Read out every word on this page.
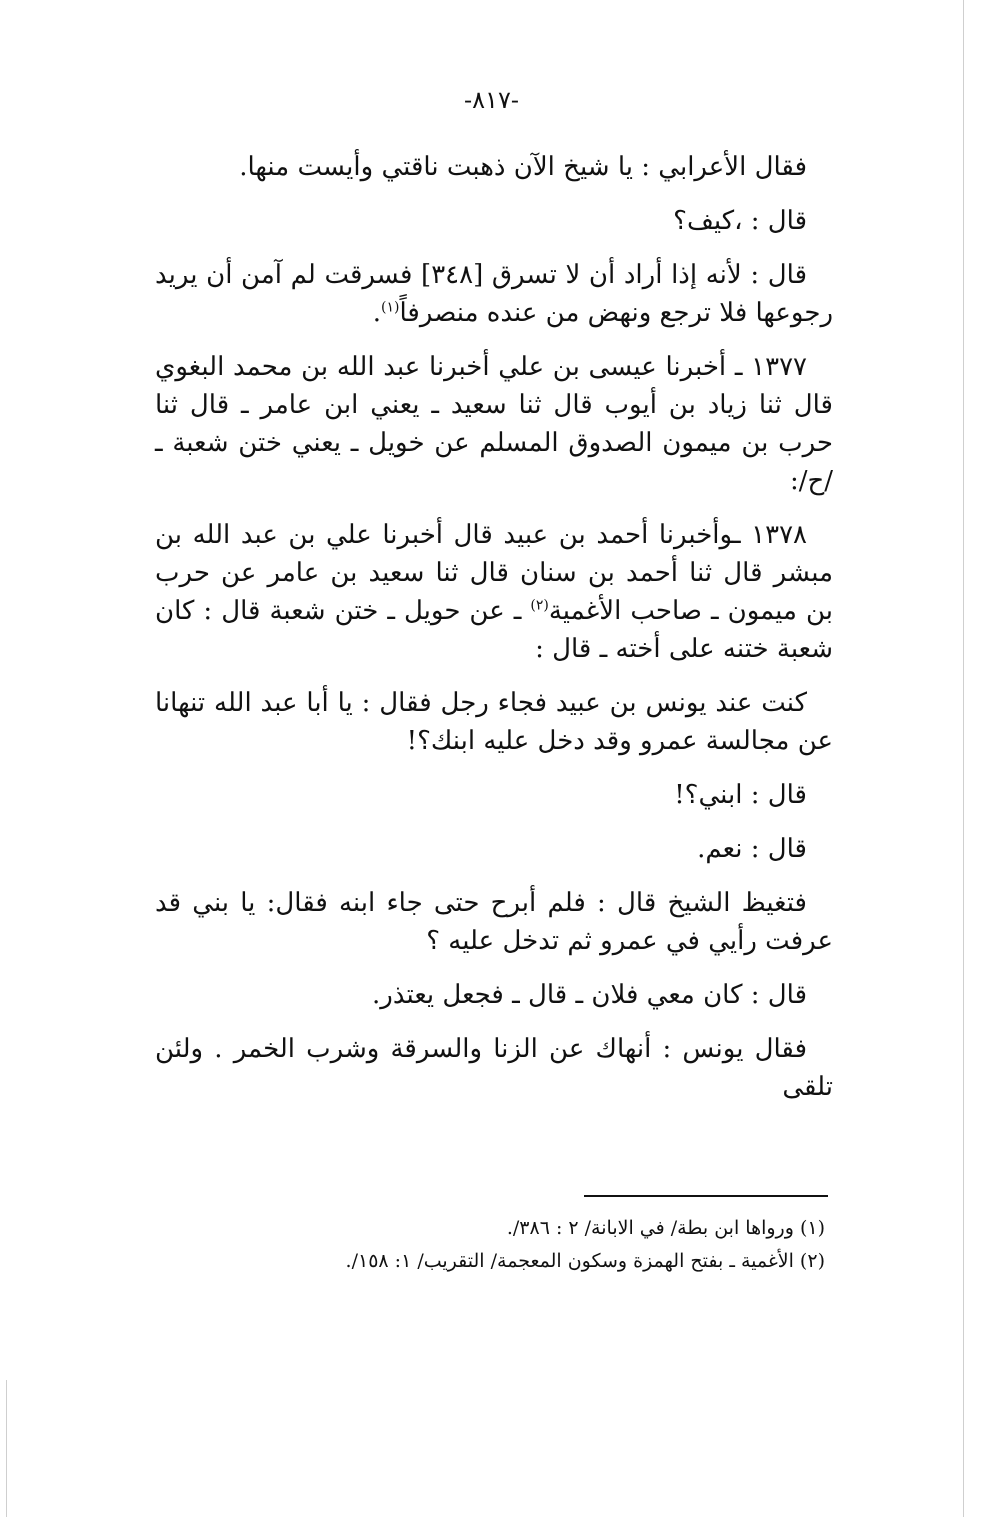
-٨١٧-

فقال الأعرابي : يا شيخ الآن ذهبت ناقتي وأيست منها.

قال : ،كيف؟

قال : لأنه إذا أراد أن لا تسرق [٣٤٨] فسرقت لم آمن أن يريد رجوعها فلا ترجع ونهض من عنده منصرفاً$^{(١)}$.

١٣٧٧ ـ أخبرنا عيسى بن علي أخبرنا عبد الله بن محمد البغوي قال ثنا زياد بن أيوب قال ثنا سعيد ـ يعني ابن عامر ـ قال ثنا حرب بن ميمون الصدوق المسلم عن خويل ـ يعني ختن شعبة ـ /ح/:

١٣٧٨ ـوأخبرنا أحمد بن عبيد قال أخبرنا علي بن عبد الله بن مبشر قال ثنا أحمد بن سنان قال ثنا سعيد بن عامر عن حرب بن ميمون ـ صاحب الأغمية$^{(٢)}$ ـ عن حويل ـ ختن شعبة قال : كان شعبة ختنه على أخته ـ قال :

كنت عند يونس بن عبيد فجاء رجل فقال : يا أبا عبد الله تنهانا عن مجالسة عمرو وقد دخل عليه ابنك؟!

قال : ابني؟!

قال : نعم.

فتغيظ الشيخ قال : فلم أبرح حتى جاء ابنه فقال: يا بني قد عرفت رأيي في عمرو ثم تدخل عليه ؟

قال : كان معي فلان ـ قال ـ فجعل يعتذر.

فقال يونس : أنهاك عن الزنا والسرقة وشرب الخمر . ولئن تلقى

(١) ورواها ابن بطة/ في الابانة/ ٢ : ٣٨٦/.

(٢) الأغمية ـ بفتح الهمزة وسكون المعجمة/ التقريب/ ١: ١٥٨/.
